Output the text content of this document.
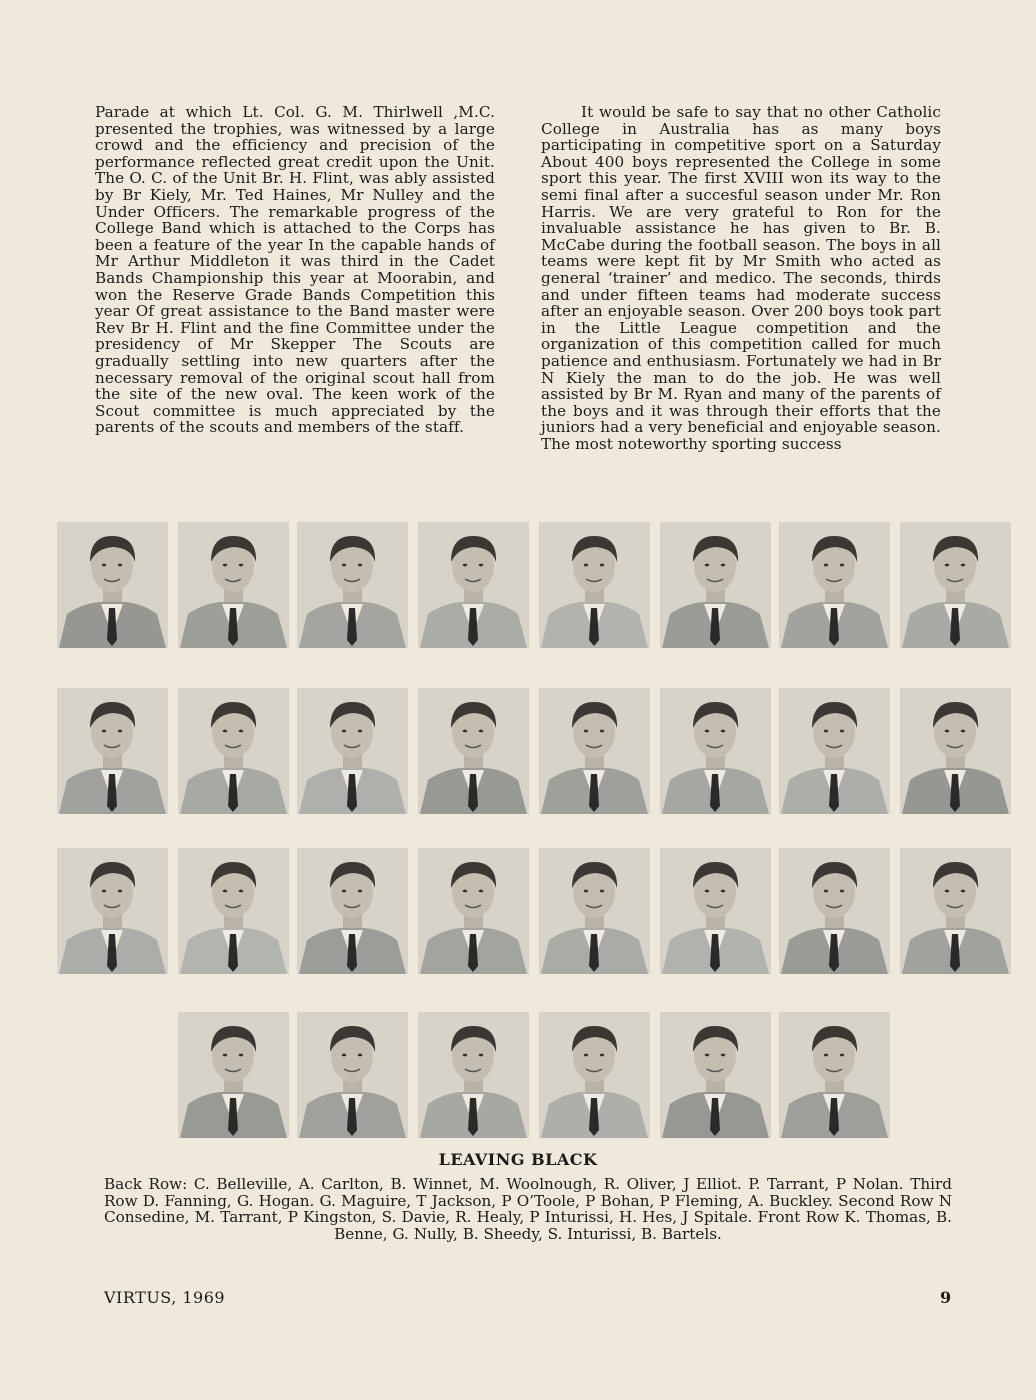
Parade at which Lt. Col. G. M. Thirlwell ,M.C. presented the trophies, was witnessed by a large crowd and the efficiency and precision of the performance reflected great credit upon the Unit. The O. C. of the Unit Br. H. Flint, was ably assisted by Br Kiely, Mr. Ted Haines, Mr Nulley and the Under Officers. The remarkable progress of the College Band which is attached to the Corps has been a feature of the year In the capable hands of Mr Arthur Middleton it was third in the Cadet Bands Championship this year at Moorabin, and won the Reserve Grade Bands Competition this year Of great assistance to the Band master were Rev Br H. Flint and the fine Committee under the presidency of Mr Skepper The Scouts are gradually settling into new quarters after the necessary removal of the original scout hall from the site of the new oval. The keen work of the Scout committee is much appreciated by the parents of the scouts and members of the staff.

It would be safe to say that no other Catholic College in Australia has as many boys participating in competitive sport on a Saturday About 400 boys represented the College in some sport this year. The first XVIII won its way to the semi final after a succesful season under Mr. Ron Harris. We are very grateful to Ron for the invaluable assistance he has given to Br. B. McCabe during the football season. The boys in all teams were kept fit by Mr Smith who acted as general ‘trainer’ and medico. The seconds, thirds and under fifteen teams had moderate success after an enjoyable season. Over 200 boys took part in the Little League competition and the organization of this competition called for much patience and enthusiasm. Fortunately we had in Br N Kiely the man to do the job. He was well assisted by Br M. Ryan and many of the parents of the boys and it was through their efforts that the juniors had a very beneficial and enjoyable season. The most noteworthy sporting success

LEAVING BLACK
Back Row: C. Belleville, A. Carlton, B. Winnet, M. Woolnough, R. Oliver, J Elliot. P. Tarrant, P Nolan. Third Row D. Fanning, G. Hogan. G. Maguire, T Jackson, P O’Toole, P Bohan, P Fleming, A. Buckley. Second Row N Consedine, M. Tarrant, P Kingston, S. Davie, R. Healy, P Inturissi, H. Hes, J Spitale. Front Row K. Thomas, B. Benne, G. Nully, B. Sheedy, S. Inturissi, B. Bartels.
VIRTUS, 1969	9
